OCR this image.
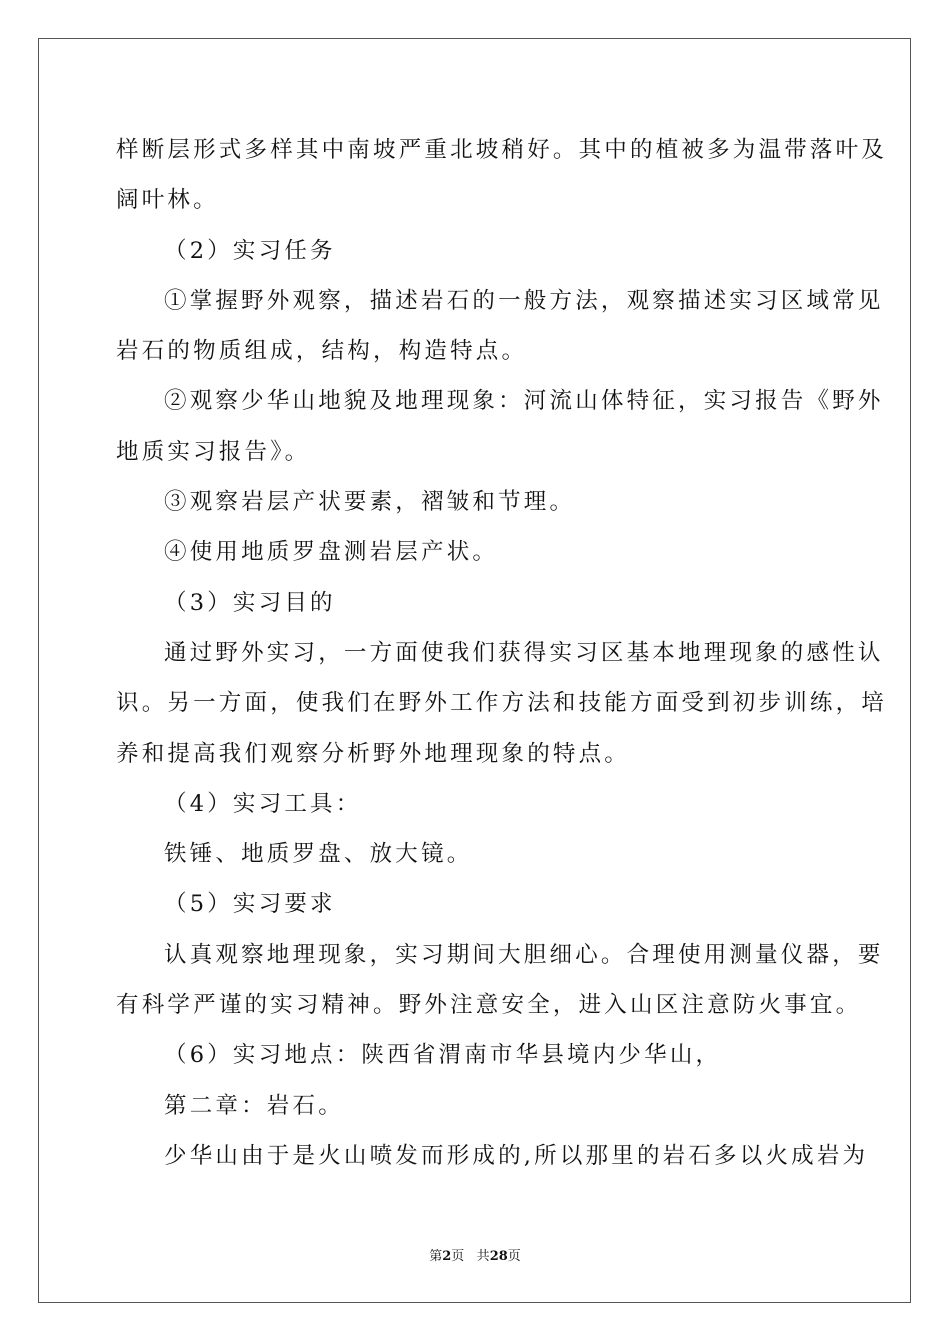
样断层形式多样其中南坡严重北坡稍好。其中的植被多为温带落叶及
阔叶林。
（2）实习任务
①掌握野外观察，描述岩石的一般方法，观察描述实习区域常见
岩石的物质组成，结构，构造特点。
②观察少华山地貌及地理现象：河流山体特征，实习报告《野外
地质实习报告》。
③观察岩层产状要素，褶皱和节理。
④使用地质罗盘测岩层产状。
（3）实习目的
通过野外实习，一方面使我们获得实习区基本地理现象的感性认
识。另一方面，使我们在野外工作方法和技能方面受到初步训练，培
养和提高我们观察分析野外地理现象的特点。
（4）实习工具：
铁锤、地质罗盘、放大镜。
（5）实习要求
认真观察地理现象，实习期间大胆细心。合理使用测量仪器，要
有科学严谨的实习精神。野外注意安全，进入山区注意防火事宜。
（6）实习地点：陕西省渭南市华县境内少华山，
第二章：岩石。
少华山由于是火山喷发而形成的,所以那里的岩石多以火成岩为
第2页 共28页
